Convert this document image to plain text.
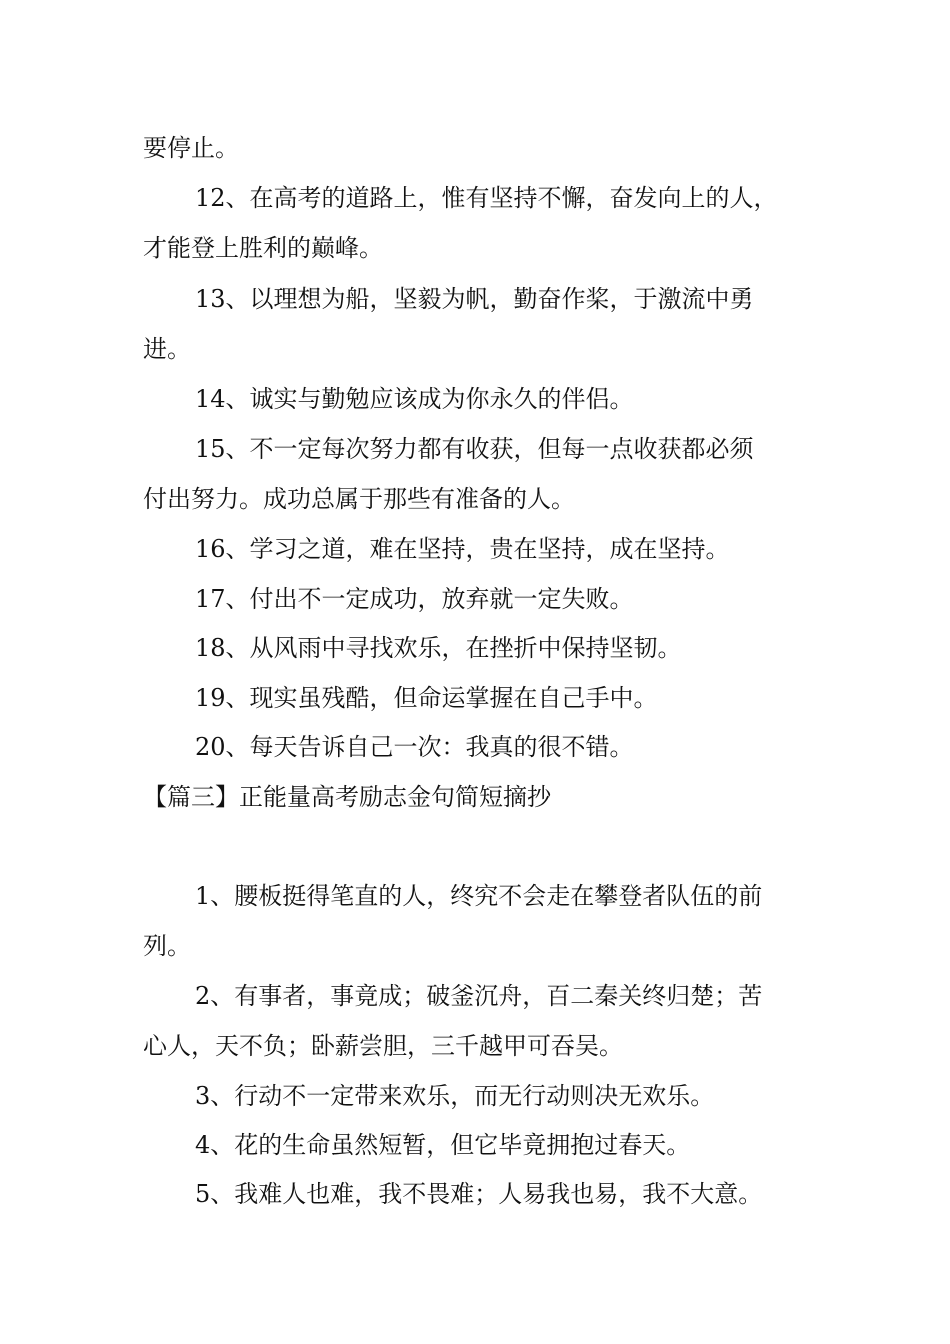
要停止。
12、在高考的道路上，惟有坚持不懈，奋发向上的人，
才能登上胜利的巅峰。
13、以理想为船，坚毅为帆，勤奋作桨，于激流中勇
进。
14、诚实与勤勉应该成为你永久的伴侣。
15、不一定每次努力都有收获，但每一点收获都必须
付出努力。成功总属于那些有准备的人。
16、学习之道，难在坚持，贵在坚持，成在坚持。
17、付出不一定成功，放弃就一定失败。
18、从风雨中寻找欢乐，在挫折中保持坚韧。
19、现实虽残酷，但命运掌握在自己手中。
20、每天告诉自己一次：我真的很不错。
【篇三】正能量高考励志金句简短摘抄
1、腰板挺得笔直的人，终究不会走在攀登者队伍的前
列。
2、有事者，事竟成；破釜沉舟，百二秦关终归楚；苦
心人，天不负；卧薪尝胆，三千越甲可吞吴。
3、行动不一定带来欢乐，而无行动则决无欢乐。
4、花的生命虽然短暂，但它毕竟拥抱过春天。
5、我难人也难，我不畏难；人易我也易，我不大意。
